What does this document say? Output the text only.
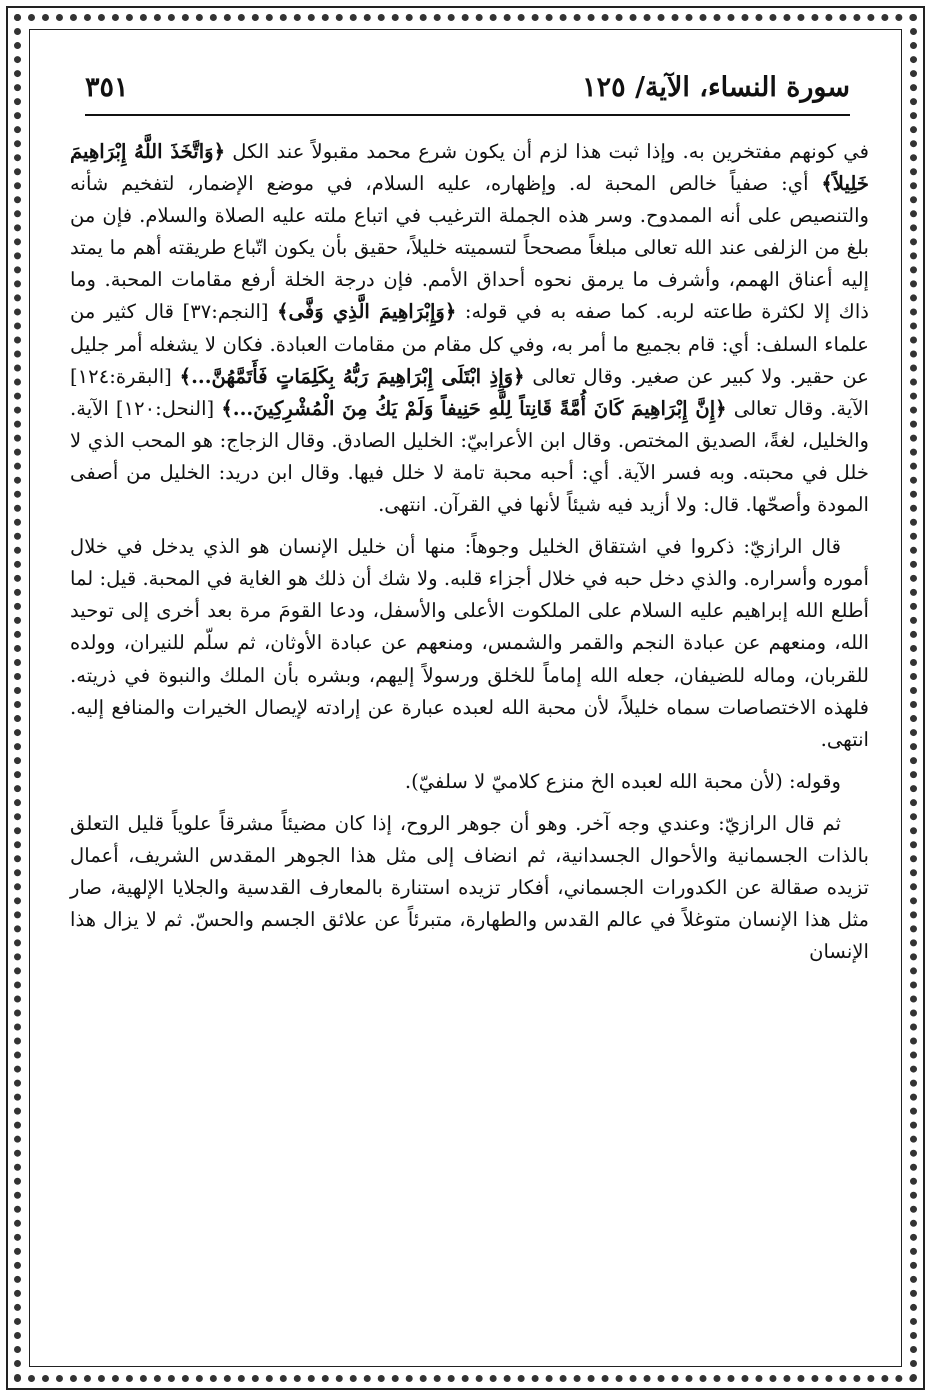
سورة النساء، الآية/ ١٢٥
٣٥١

في كونهم مفتخرين به. وإذا ثبت هذا لزم أن يكون شرع محمد مقبولاً عند الكل ﴿وَاتَّخَذَ اللَّهُ إِبْرَاهِيمَ خَلِيلاً﴾ أي: صفياً خالص المحبة له. وإظهاره، عليه السلام، في موضع الإضمار، لتفخيم شأنه والتنصيص على أنه الممدوح. وسر هذه الجملة الترغيب في اتباع ملته عليه الصلاة والسلام. فإن من بلغ من الزلفى عند الله تعالى مبلغاً مصححاً لتسميته خليلاً، حقيق بأن يكون اتّباع طريقته أهم ما يمتد إليه أعناق الهمم، وأشرف ما يرمق نحوه أحداق الأمم. فإن درجة الخلة أرفع مقامات المحبة. وما ذاك إلا لكثرة طاعته لربه. كما صفه به في قوله: ﴿وَإِبْرَاهِيمَ الَّذِي وَفَّى﴾ [النجم:٣٧] قال كثير من علماء السلف: أي: قام بجميع ما أمر به، وفي كل مقام من مقامات العبادة. فكان لا يشغله أمر جليل عن حقير. ولا كبير عن صغير. وقال تعالى ﴿وَإِذِ ابْتَلَى إِبْرَاهِيمَ رَبُّهُ بِكَلِمَاتٍ فَأَتَمَّهُنَّ...﴾ [البقرة:١٢٤] الآية. وقال تعالى ﴿إِنَّ إِبْرَاهِيمَ كَانَ أُمَّةً قَانِتاً لِلَّهِ حَنِيفاً وَلَمْ يَكُ مِنَ الْمُشْرِكِينَ...﴾ [النحل:١٢٠] الآية. والخليل، لغةً، الصديق المختص. وقال ابن الأعرابيّ: الخليل الصادق. وقال الزجاج: هو المحب الذي لا خلل في محبته. وبه فسر الآية. أي: أحبه محبة تامة لا خلل فيها. وقال ابن دريد: الخليل من أصفى المودة وأصحّها. قال: ولا أزيد فيه شيئاً لأنها في القرآن. انتهى.

قال الرازيّ: ذكروا في اشتقاق الخليل وجوهاً: منها أن خليل الإنسان هو الذي يدخل في خلال أموره وأسراره. والذي دخل حبه في خلال أجزاء قلبه. ولا شك أن ذلك هو الغاية في المحبة. قيل: لما أطلع الله إبراهيم عليه السلام على الملكوت الأعلى والأسفل، ودعا القومَ مرة بعد أخرى إلى توحيد الله، ومنعهم عن عبادة النجم والقمر والشمس، ومنعهم عن عبادة الأوثان، ثم سلّم للنيران، وولده للقربان، وماله للضيفان، جعله الله إماماً للخلق ورسولاً إليهم، وبشره بأن الملك والنبوة في ذريته. فلهذه الاختصاصات سماه خليلاً، لأن محبة الله لعبده عبارة عن إرادته لإيصال الخيرات والمنافع إليه. انتهى.

وقوله: (لأن محبة الله لعبده الخ منزع كلاميّ لا سلفيّ).

ثم قال الرازيّ: وعندي وجه آخر. وهو أن جوهر الروح، إذا كان مضيئاً مشرقاً علوياً قليل التعلق بالذات الجسمانية والأحوال الجسدانية، ثم انضاف إلى مثل هذا الجوهر المقدس الشريف، أعمال تزيده صقالة عن الكدورات الجسماني، أفكار تزيده استنارة بالمعارف القدسية والجلايا الإلهية، صار مثل هذا الإنسان متوغلاً في عالم القدس والطهارة، متبرئاً عن علائق الجسم والحسّ. ثم لا يزال هذا الإنسان
